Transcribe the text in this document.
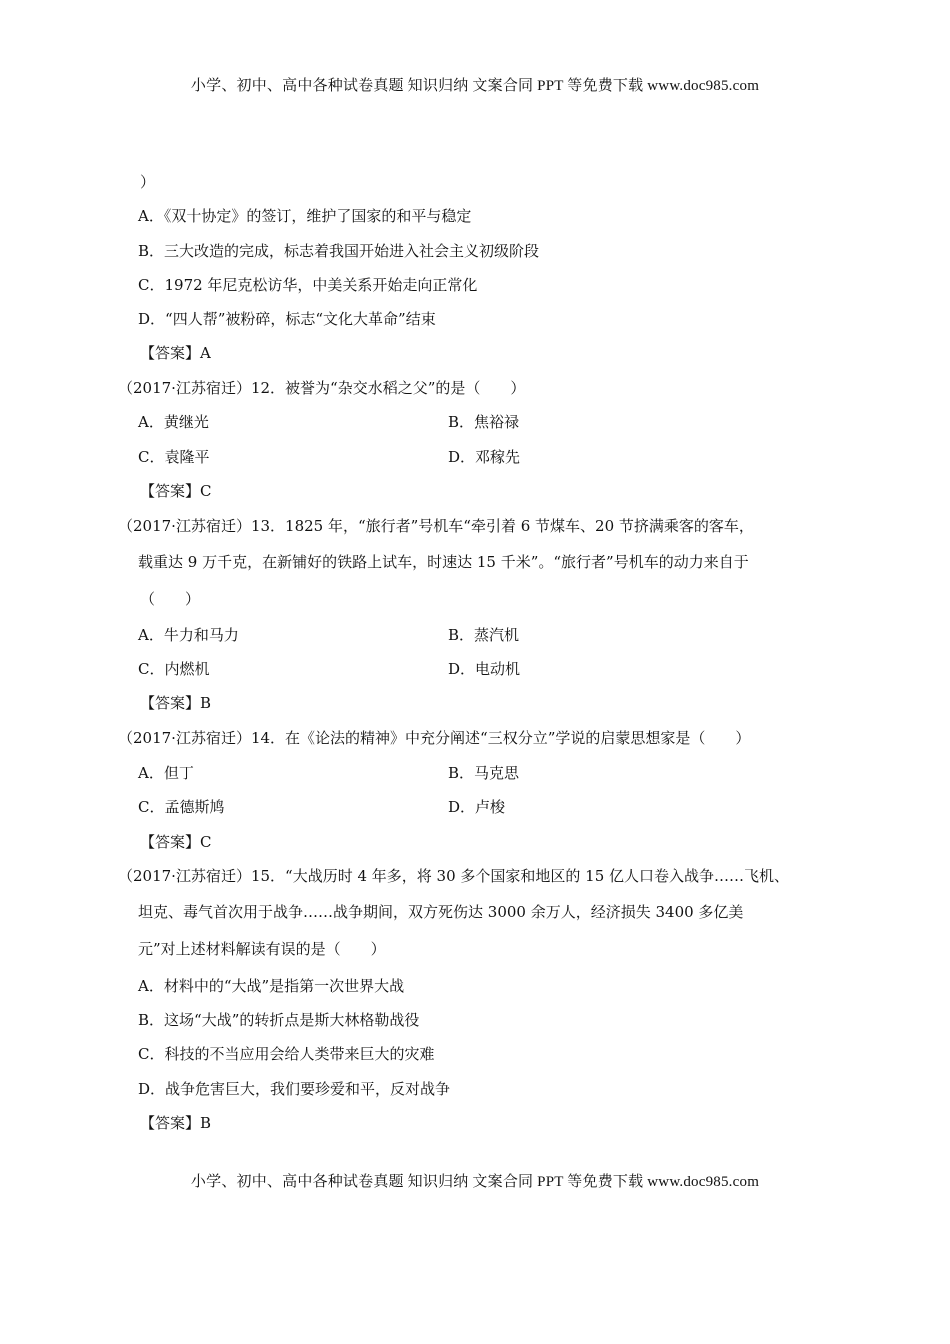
小学、初中、高中各种试卷真题 知识归纳 文案合同 PPT 等免费下载 www.doc985.com
）
A．《双十协定》的签订，维护了国家的和平与稳定
B．三大改造的完成，标志着我国开始进入社会主义初级阶段
C．1972 年尼克松访华，中美关系开始走向正常化
D．“四人帮”被粉碎，标志“文化大革命”结束
【答案】A
（2017·江苏宿迁）12．被誉为“杂交水稻之父”的是（　　）
A．黄继光	B．焦裕禄
C．袁隆平	D．邓稼先
【答案】C
（2017·江苏宿迁）13．1825 年，“旅行者”号机车“牵引着 6 节煤车、20 节挤满乘客的客车，
载重达 9 万千克，在新铺好的铁路上试车，时速达 15 千米”。“旅行者”号机车的动力来自于
（　　）
A．牛力和马力	B．蒸汽机
C．内燃机	D．电动机
【答案】B
（2017·江苏宿迁）14．在《论法的精神》中充分阐述“三权分立”学说的启蒙思想家是（　　）
A．但丁	B．马克思
C．孟德斯鸠	D．卢梭
【答案】C
（2017·江苏宿迁）15．“大战历时 4 年多，将 30 多个国家和地区的 15 亿人口卷入战争……飞机、
坦克、毒气首次用于战争……战争期间，双方死伤达 3000 余万人，经济损失 3400 多亿美
元”对上述材料解读有误的是（　　）
A．材料中的“大战”是指第一次世界大战
B．这场“大战”的转折点是斯大林格勒战役
C．科技的不当应用会给人类带来巨大的灾难
D．战争危害巨大，我们要珍爱和平，反对战争
【答案】B
小学、初中、高中各种试卷真题 知识归纳 文案合同 PPT 等免费下载 www.doc985.com
